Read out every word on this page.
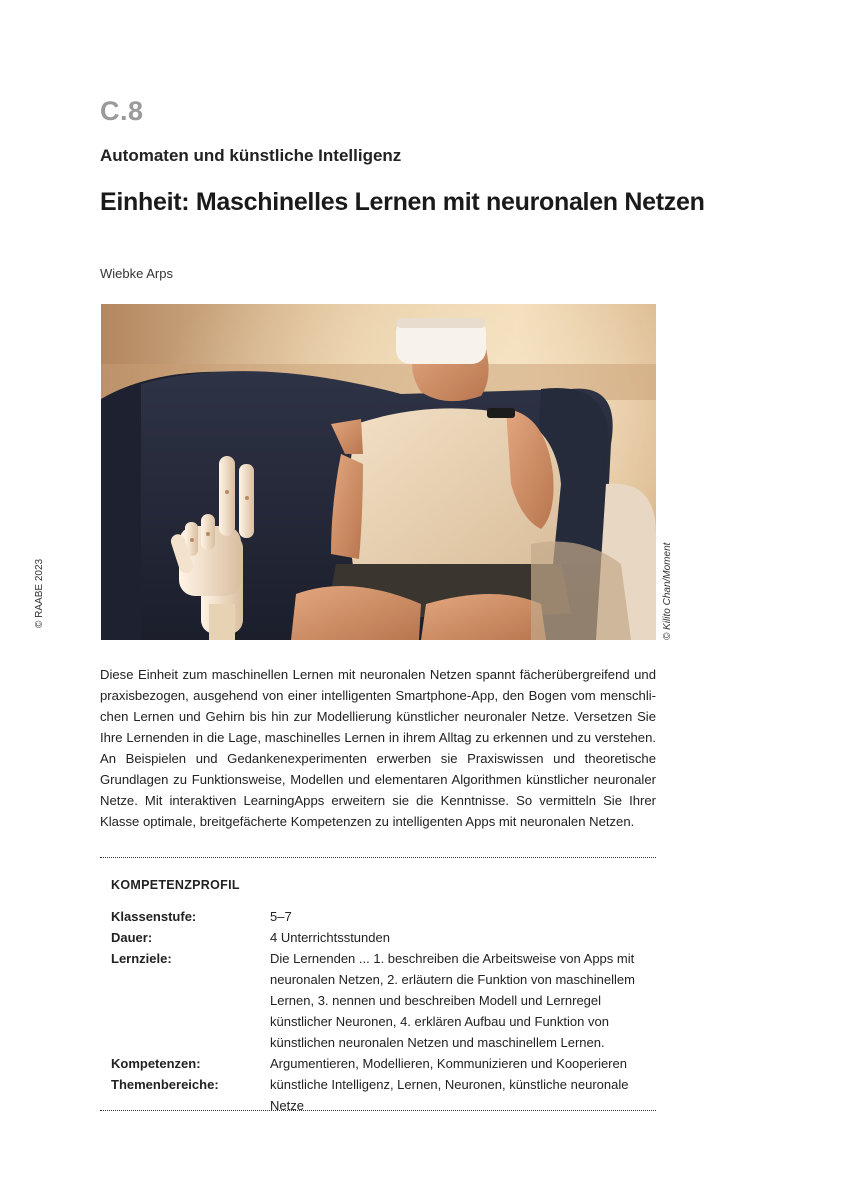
C.8
Automaten und künstliche Intelligenz
Einheit: Maschinelles Lernen mit neuronalen Netzen
Wiebke Arps
© RAABE 2023	© Kilito Chan/Moment

Diese Einheit zum maschinellen Lernen mit neuronalen Netzen spannt fächerübergreifend und praxisbezogen, ausgehend von einer intelligenten Smartphone-App, den Bogen vom menschli-chen Lernen und Gehirn bis hin zur Modellierung künstlicher neuronaler Netze. Versetzen Sie Ihre Lernenden in die Lage, maschinelles Lernen in ihrem Alltag zu erkennen und zu verstehen. An Beispielen und Gedankenexperimenten erwerben sie Praxiswissen und theoretische Grundlagen zu Funktionsweise, Modellen und elementaren Algorithmen künstlicher neuronaler Netze. Mit interaktiven LearningApps erweitern sie die Kenntnisse. So vermitteln Sie Ihrer Klasse optimale, breitgefächerte Kompetenzen zu intelligenten Apps mit neuronalen Netzen.

KOMPETENZPROFIL
Klassenstufe:	5–7
Dauer:	4 Unterrichtsstunden
Lernziele:	Die Lernenden ... 1. beschreiben die Arbeitsweise von Apps mit neuronalen Netzen, 2. erläutern die Funktion von maschinellem Lernen, 3. nennen und beschreiben Modell und Lernregel künstlicher Neuronen, 4. erklären Aufbau und Funktion von künstlichen neuronalen Netzen und maschinellem Lernen.
Kompetenzen:	Argumentieren, Modellieren, Kommunizieren und Kooperieren
Themenbereiche:	künstliche Intelligenz, Lernen, Neuronen, künstliche neuronale Netze
